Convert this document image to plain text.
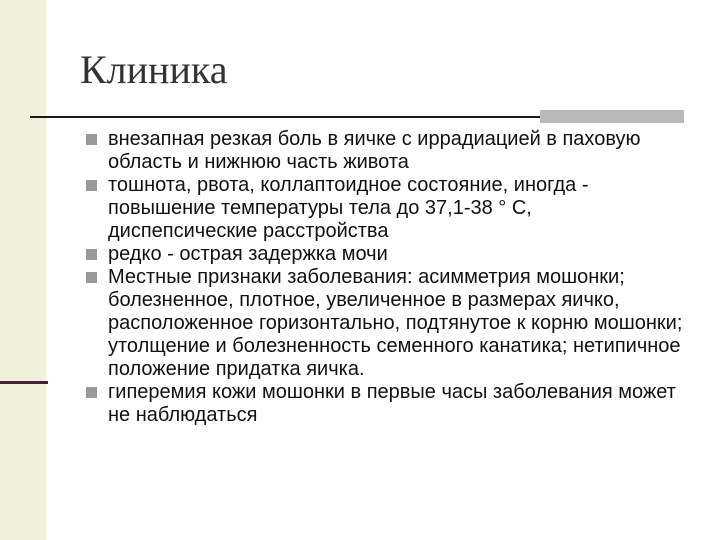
Клиника
внезапная резкая боль в яичке с иррадиацией в паховую область и нижнюю часть живота
тошнота, рвота, коллаптоидное состояние, иногда - повышение температуры тела до 37,1-38 ° С, диспепсические расстройства
редко - острая задержка мочи
Местные признаки заболевания: асимметрия мошонки; болезненное, плотное, увеличенное в размерах яичко, расположенное горизонтально, подтянутое к корню мошонки; утолщение и болезненность семенного канатика; нетипичное положение придатка яичка.
гиперемия кожи мошонки в первые часы заболевания может не наблюдаться
